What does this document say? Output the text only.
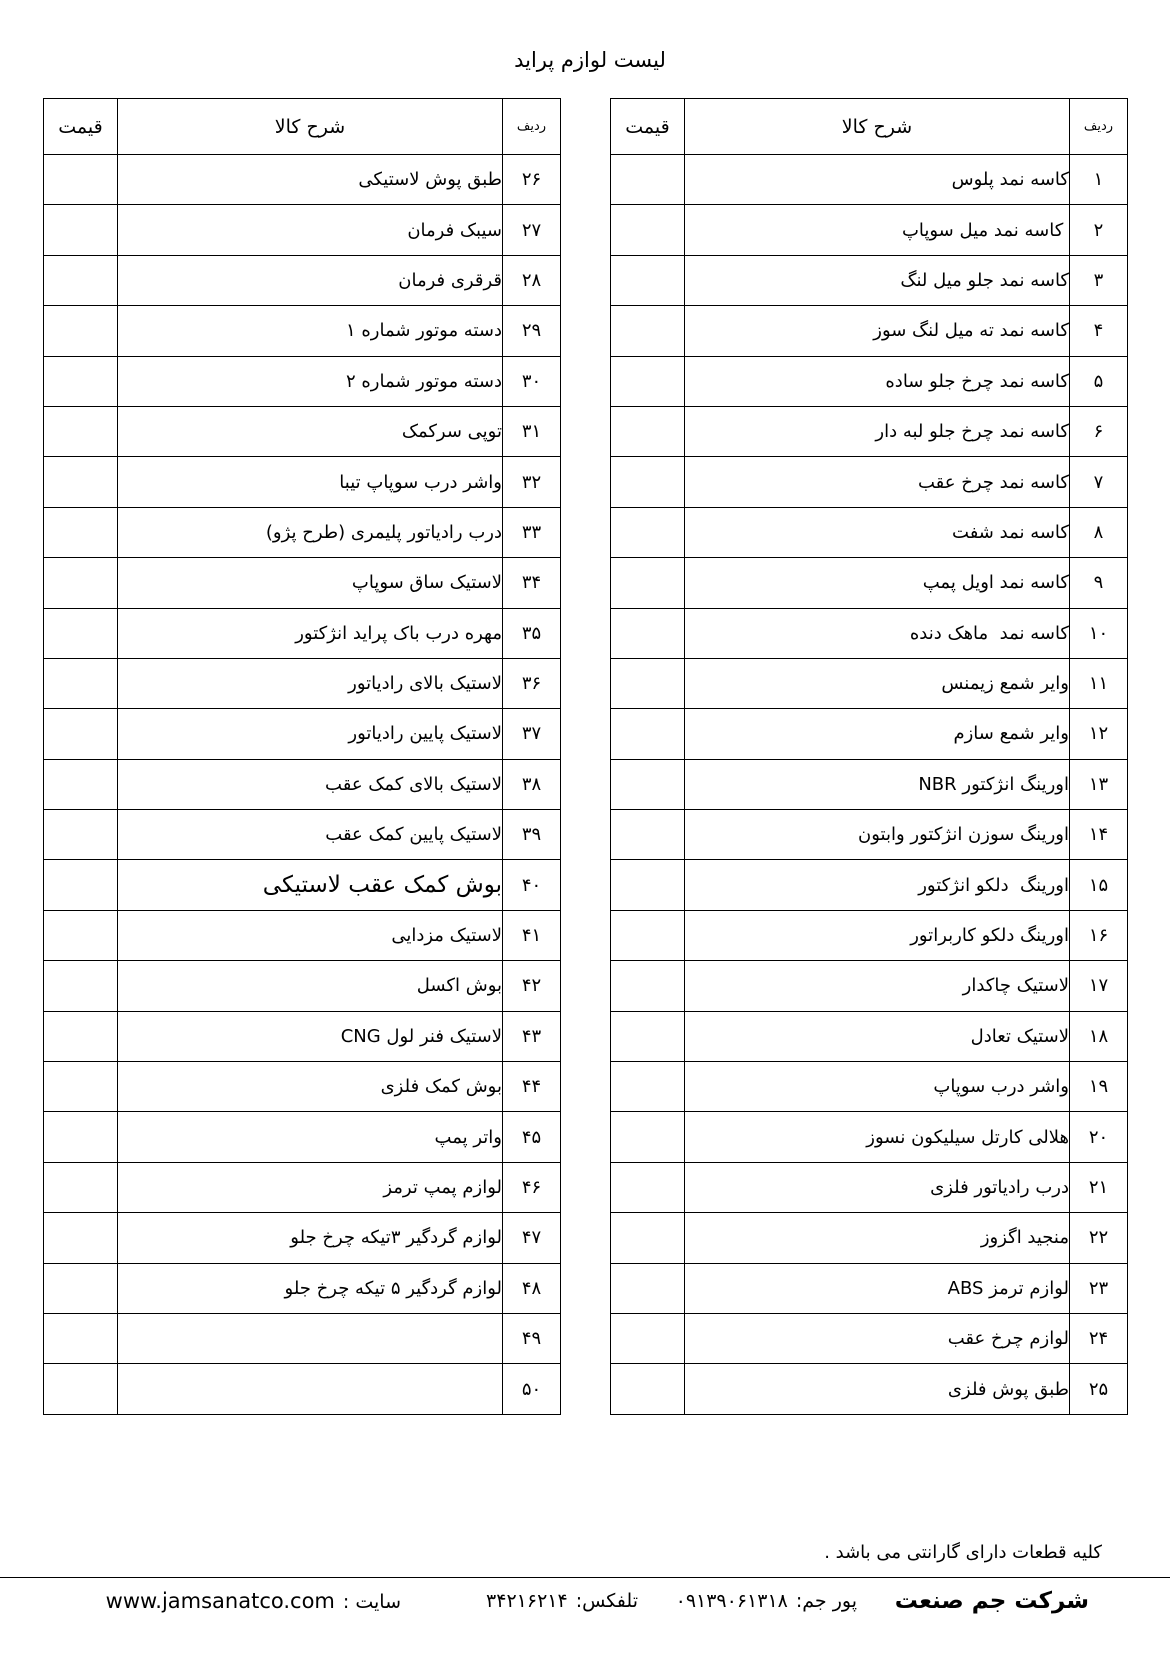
لیست لوازم پراید
ردیف	شرح کالا	قیمت
۱	کاسه نمد پلوس	
۲	کاسه نمد میل سوپاپ	
۳	کاسه نمد جلو میل لنگ	
۴	کاسه نمد ته میل لنگ سوز	
۵	کاسه نمد چرخ جلو ساده	
۶	کاسه نمد چرخ جلو لبه دار	
۷	کاسه نمد چرخ عقب	
۸	کاسه نمد شفت	
۹	کاسه نمد اویل پمپ	
۱۰	کاسه نمد  ماهک دنده	
۱۱	وایر شمع زیمنس	
۱۲	وایر شمع سازم	
۱۳	اورینگ انژکتور NBR	
۱۴	اورینگ سوزن انژکتور وابتون	
۱۵	اورینگ  دلکو انژکتور	
۱۶	اورینگ دلکو کاربراتور	
۱۷	لاستیک چاکدار	
۱۸	لاستیک تعادل	
۱۹	واشر درب سوپاپ	
۲۰	هلالی کارتل سیلیکون نسوز	
۲۱	درب رادیاتور فلزی	
۲۲	منجید اگزوز	
۲۳	لوازم ترمز ABS	
۲۴	لوازم چرخ عقب	
۲۵	طبق پوش فلزی	
ردیف	شرح کالا	قیمت
۲۶	طبق پوش لاستیکی	
۲۷	سیبک فرمان	
۲۸	قرقری فرمان	
۲۹	دسته موتور شماره ۱	
۳۰	دسته موتور شماره ۲	
۳۱	توپی سرکمک	
۳۲	واشر درب سوپاپ تیبا	
۳۳	درب رادیاتور پلیمری (طرح پژو)	
۳۴	لاستیک ساق سوپاپ	
۳۵	مهره درب باک پراید انژکتور	
۳۶	لاستیک بالای رادیاتور	
۳۷	لاستیک پایین رادیاتور	
۳۸	لاستیک بالای کمک عقب	
۳۹	لاستیک پایین کمک عقب	
۴۰	بوش کمک عقب لاستیکی	
۴۱	لاستیک مزدایی	
۴۲	بوش اکسل	
۴۳	لاستیک فنر لول CNG	
۴۴	بوش کمک فلزی	
۴۵	واتر پمپ	
۴۶	لوازم پمپ ترمز	
۴۷	لوازم گردگیر ۳تیکه چرخ جلو	
۴۸	لوازم گردگیر ۵ تیکه چرخ جلو	
۴۹		
۵۰		
کلیه قطعات دارای گارانتی می باشد .
شرکت جم صنعت
پور جم:۰۹۱۳۹۰۶۱۳۱۸
تلفکس:۳۴۲۱۶۲۱۴
سایت :www.jamsanatco.com
